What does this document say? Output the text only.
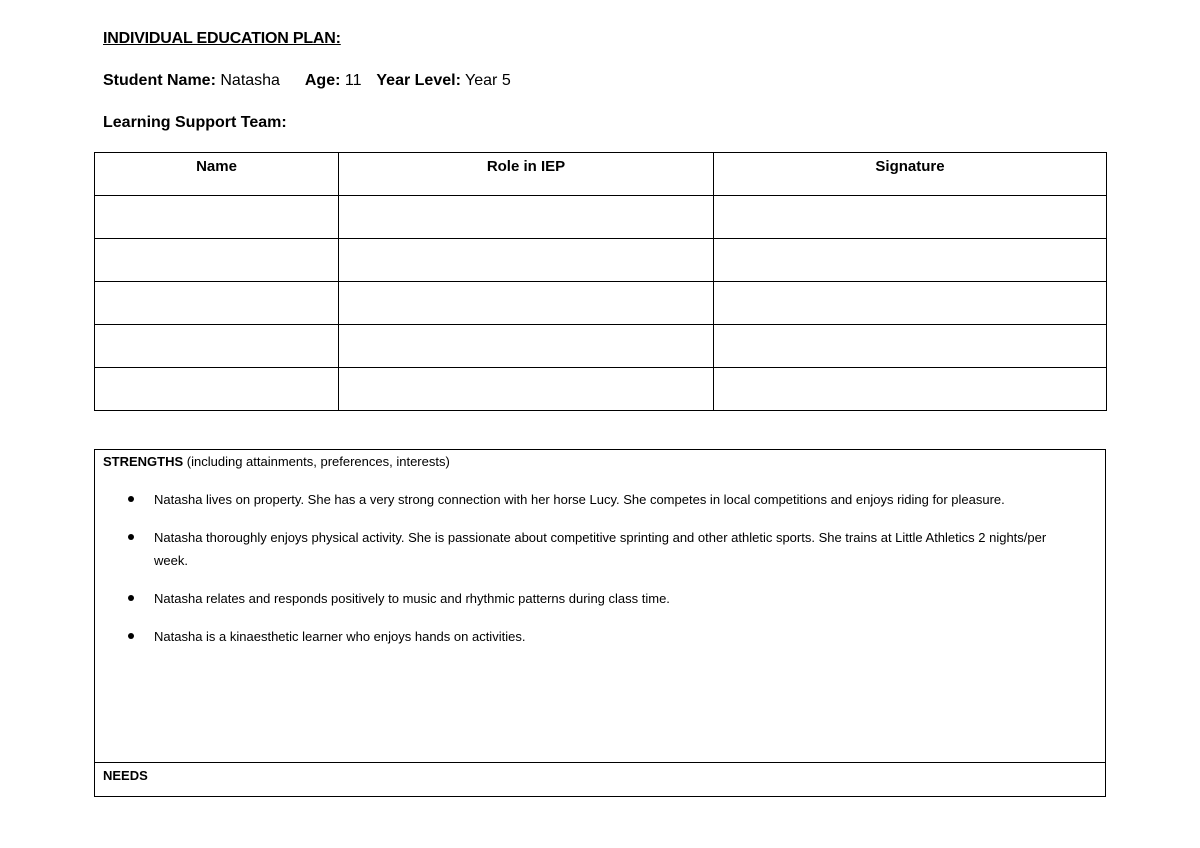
INDIVIDUAL EDUCATION PLAN:
Student Name: Natasha Age: 11 Year Level: Year 5
Learning Support Team:
Name	Role in IEP	Signature

STRENGTHS (including attainments, preferences, interests)
Natasha lives on property. She has a very strong connection with her horse Lucy. She competes in local competitions and enjoys riding for pleasure.
Natasha thoroughly enjoys physical activity. She is passionate about competitive sprinting and other athletic sports. She trains at Little Athletics 2 nights/per week.
Natasha relates and responds positively to music and rhythmic patterns during class time.
Natasha is a kinaesthetic learner who enjoys hands on activities.
NEEDS
